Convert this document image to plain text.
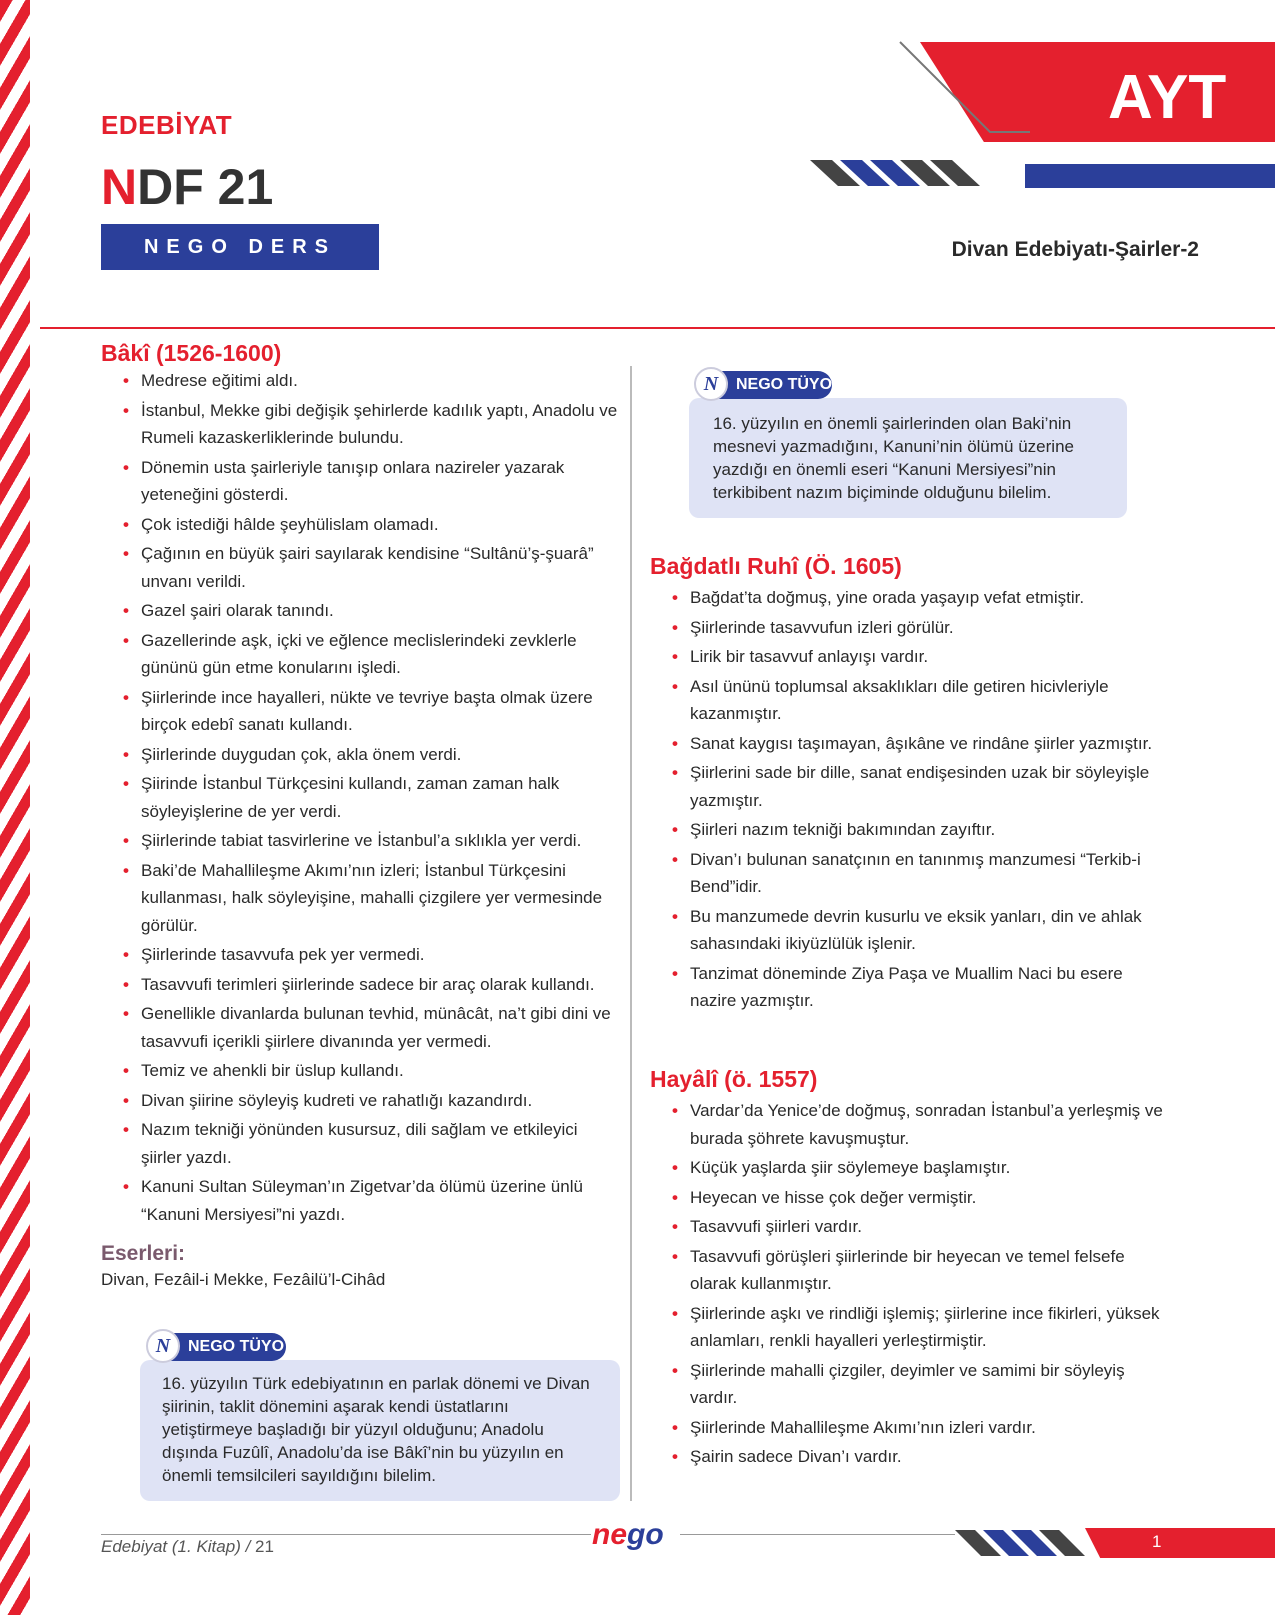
AYT
EDEBİYAT
NDF 21
NEGO DERS FÖYÜ
Divan Edebiyatı-Şairler-2
Bâkî (1526-1600)
• Medrese eğitimi aldı.
• İstanbul, Mekke gibi değişik şehirlerde kadılık yaptı, Anadolu ve Rumeli kazaskerliklerinde bulundu.
• Dönemin usta şairleriyle tanışıp onlara nazireler yazarak yeteneğini gösterdi.
• Çok istediği hâlde şeyhülislam olamadı.
• Çağının en büyük şairi sayılarak kendisine “Sultânü’ş-şuarâ” unvanı verildi.
• Gazel şairi olarak tanındı.
• Gazellerinde aşk, içki ve eğlence meclislerindeki zevklerle gününü gün etme konularını işledi.
• Şiirlerinde ince hayalleri, nükte ve tevriye başta olmak üzere birçok edebî sanatı kullandı.
• Şiirlerinde duygudan çok, akla önem verdi.
• Şiirinde İstanbul Türkçesini kullandı, zaman zaman halk söyleyişlerine de yer verdi.
• Şiirlerinde tabiat tasvirlerine ve İstanbul’a sıklıkla yer verdi.
• Baki’de Mahallileşme Akımı’nın izleri; İstanbul Türkçesini kullanması, halk söyleyişine, mahalli çizgilere yer vermesinde görülür.
• Şiirlerinde tasavvufa pek yer vermedi.
• Tasavvufi terimleri şiirlerinde sadece bir araç olarak kullandı.
• Genellikle divanlarda bulunan tevhid, münâcât, na’t gibi dini ve tasavvufi içerikli şiirlere divanında yer vermedi.
• Temiz ve ahenkli bir üslup kullandı.
• Divan şiirine söyleyiş kudreti ve rahatlığı kazandırdı.
• Nazım tekniği yönünden kusursuz, dili sağlam ve etkileyici şiirler yazdı.
• Kanuni Sultan Süleyman’ın Zigetvar’da ölümü üzerine ünlü “Kanuni Mersiyesi”ni yazdı.
Eserleri:
Divan, Fezâil-i Mekke, Fezâilü’l-Cihâd
16. yüzyılın Türk edebiyatının en parlak dönemi ve Divan şiirinin, taklit dönemini aşarak kendi üstatlarını yetiştirmeye başladığı bir yüzyıl olduğunu; Anadolu dışında Fuzûlî, Anadolu’da ise Bâkî’nin bu yüzyılın en önemli temsilcileri sayıldığını bilelim.
N	NEGO TÜYO
16. yüzyılın en önemli şairlerinden olan Baki’nin mesnevi yazmadığını, Kanuni’nin ölümü üzerine yazdığı en önemli eseri “Kanuni Mersiyesi”nin terkibibent nazım biçiminde olduğunu bilelim.
N	NEGO TÜYO
Bağdatlı Ruhî (Ö. 1605)
• Bağdat’ta doğmuş, yine orada yaşayıp vefat etmiştir.
• Şiirlerinde tasavvufun izleri görülür.
• Lirik bir tasavvuf anlayışı vardır.
• Asıl ününü toplumsal aksaklıkları dile getiren hicivleriyle kazanmıştır.
• Sanat kaygısı taşımayan, âşıkâne ve rindâne şiirler yazmıştır.
• Şiirlerini sade bir dille, sanat endişesinden uzak bir söyleyişle yazmıştır.
• Şiirleri nazım tekniği bakımından zayıftır.
• Divan’ı bulunan sanatçının en tanınmış manzumesi “Terkib-i Bend”idir.
• Bu manzumede devrin kusurlu ve eksik yanları, din ve ahlak sahasındaki ikiyüzlülük işlenir.
• Tanzimat döneminde Ziya Paşa ve Muallim Naci bu esere nazire yazmıştır.
Hayâlî (ö. 1557)
• Vardar’da Yenice’de doğmuş, sonradan İstanbul’a yerleşmiş ve burada şöhrete kavuşmuştur.
• Küçük yaşlarda şiir söylemeye başlamıştır.
• Heyecan ve hisse çok değer vermiştir.
• Tasavvufi şiirleri vardır.
• Tasavvufi görüşleri şiirlerinde bir heyecan ve temel felsefe olarak kullanmıştır.
• Şiirlerinde aşkı ve rindliği işlemiş; şiirlerine ince fikirleri, yüksek anlamları, renkli hayalleri yerleştirmiştir.
• Şiirlerinde mahalli çizgiler, deyimler ve samimi bir söyleyiş vardır.
• Şiirlerinde Mahallileşme Akımı’nın izleri vardır.
• Şairin sadece Divan’ı vardır.
Edebiyat (1. Kitap) / 21	nego	1
